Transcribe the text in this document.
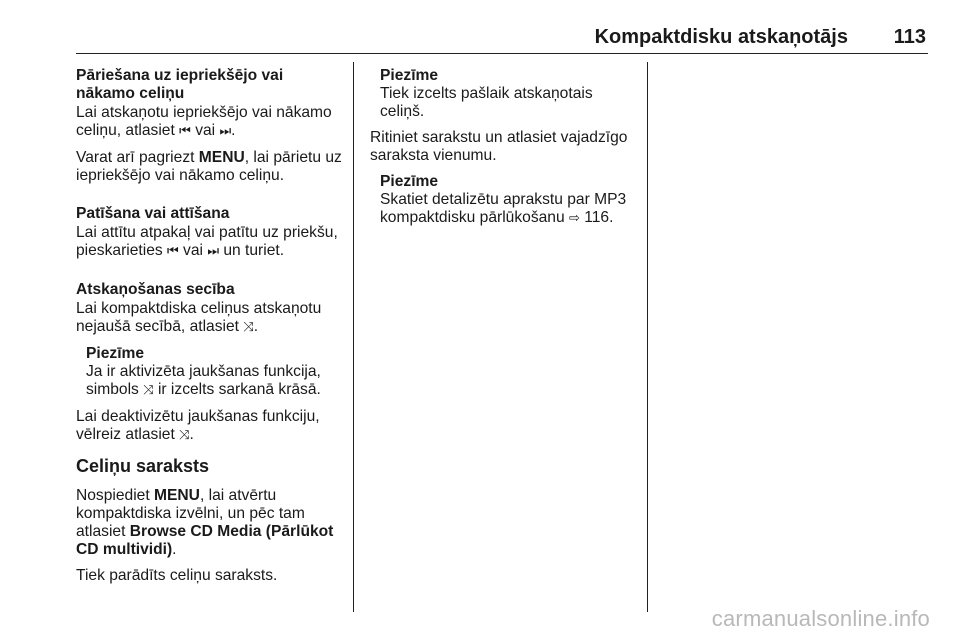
Kompaktdisku atskaņotājs 113
Pāriešana uz iepriekšējo vai nākamo celiņu

Lai atskaņotu iepriekšējo vai nākamo celiņu, atlasiet ⏮ vai ⏭.

Varat arī pagriezt MENU, lai pārietu uz iepriekšējo vai nākamo celiņu.

Patīšana vai attīšana

Lai attītu atpakaļ vai patītu uz priekšu, pieskarieties ⏮ vai ⏭ un turiet.

Atskaņošanas secība

Lai kompaktdiska celiņus atskaņotu nejaušā secībā, atlasiet ⤨.

Piezīme
Ja ir aktivizēta jaukšanas funkcija, simbols ⤨ ir izcelts sarkanā krāsā.

Lai deaktivizētu jaukšanas funkciju, vēlreiz atlasiet ⤨.

Celiņu saraksts

Nospiediet MENU, lai atvērtu kompaktdiska izvēlni, un pēc tam atlasiet Browse CD Media (Pārlūkot CD multividi).

Tiek parādīts celiņu saraksts.

Piezīme
Tiek izcelts pašlaik atskaņotais celiņš.

Ritiniet sarakstu un atlasiet vajadzīgo saraksta vienumu.

Piezīme
Skatiet detalizētu aprakstu par MP3 kompaktdisku pārlūkošanu ⇨ 116.
carmanualsonline.info
